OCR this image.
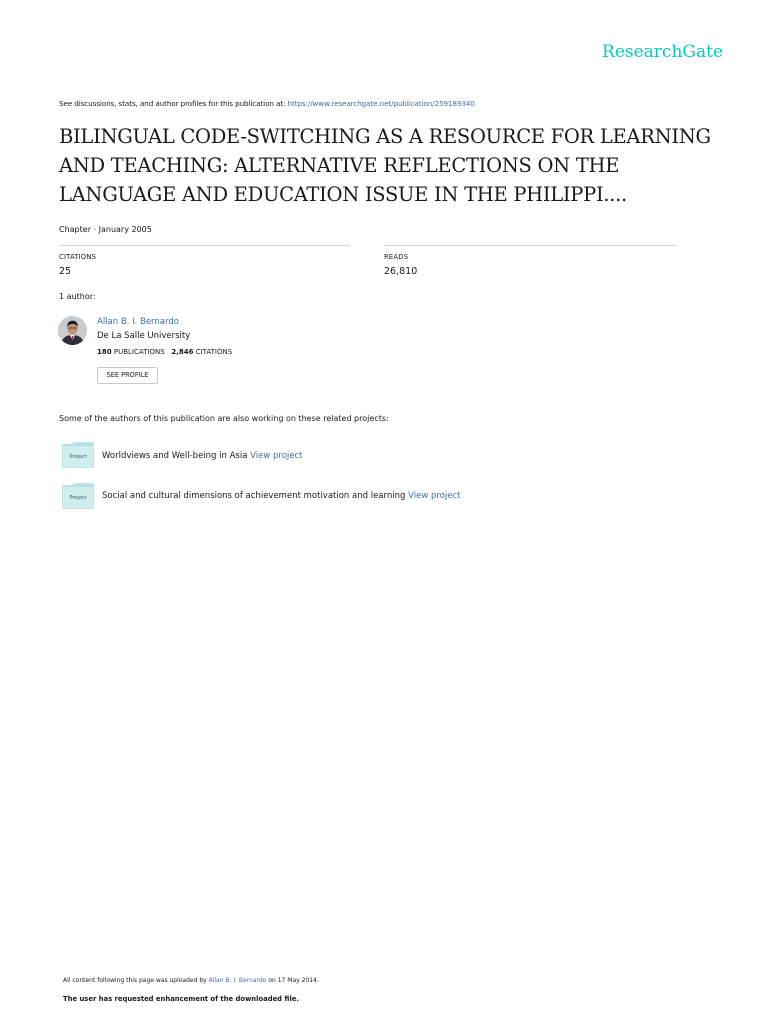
ResearchGate
See discussions, stats, and author profiles for this publication at: https://www.researchgate.net/publication/259189340
BILINGUAL CODE-SWITCHING AS A RESOURCE FOR LEARNING AND TEACHING: ALTERNATIVE REFLECTIONS ON THE LANGUAGE AND EDUCATION ISSUE IN THE PHILIPPI....
Chapter · January 2005
CITATIONS
25
READS
26,810
1 author:
Allan B. I. Bernardo
De La Salle University
180 PUBLICATIONS 2,846 CITATIONS
SEE PROFILE
Some of the authors of this publication are also working on these related projects:
Project	Worldviews and Well-being in Asia View project
Project	Social and cultural dimensions of achievement motivation and learning View project
All content following this page was uploaded by Allan B. I. Bernardo on 17 May 2014.
The user has requested enhancement of the downloaded file.
